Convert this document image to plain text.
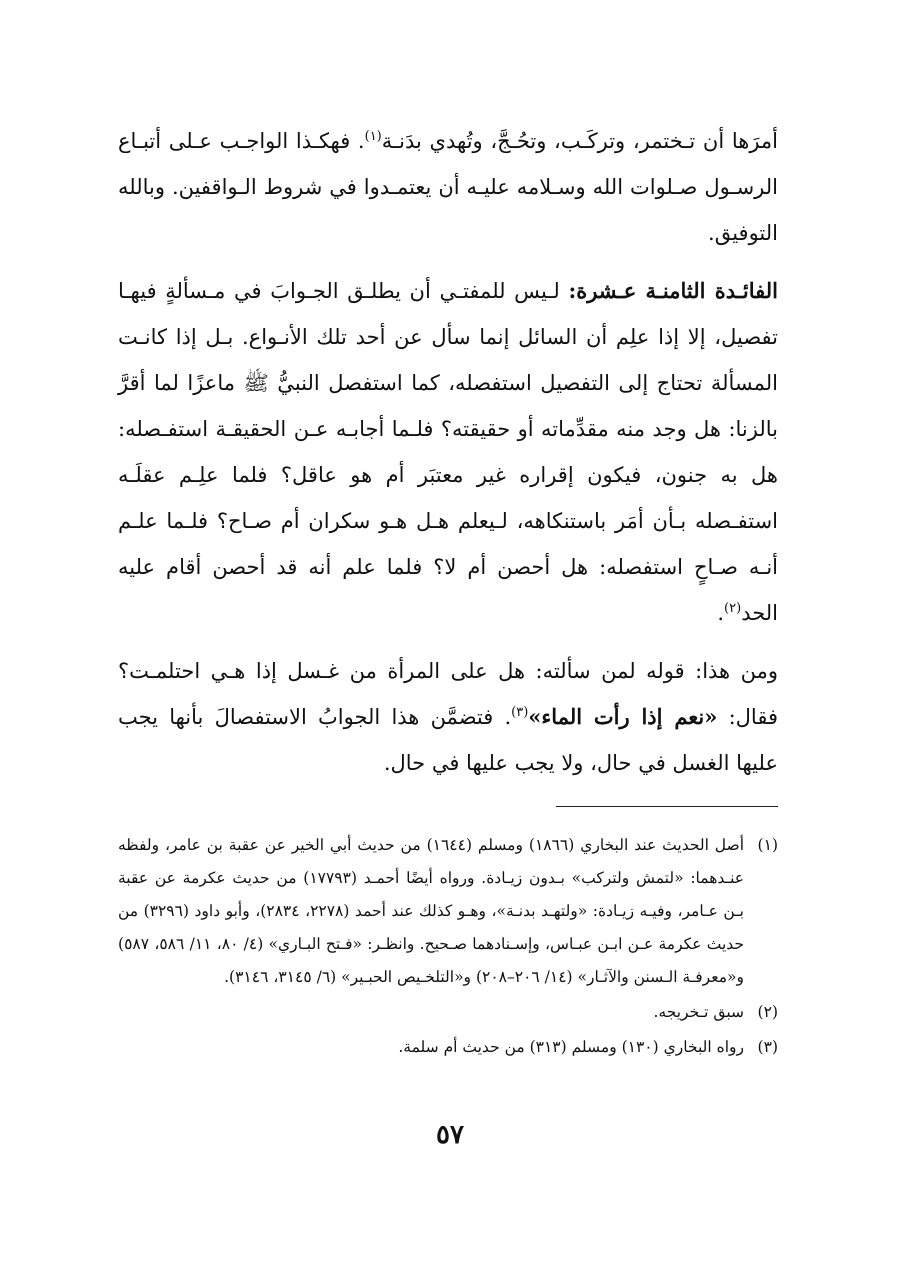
أمرَها أن تـختمر، وتركَـب، وتحُـجَّ، وتُهدي بدَنـة$^{(١)}$. فهكـذا الواجـب عـلى أتبـاع الرسـول صـلوات الله وسـلامه عليـه أن يعتمـدوا في شروط الـواقفين. وبالله التوفيق.

الفائـدة الثامنـة عـشرة: لـيس للمفتـي أن يطلـق الجـوابَ في مـسألةٍ فيهـا تفصيل، إلا إذا علِم أن السائل إنما سأل عن أحد تلك الأنـواع. بـل إذا كانـت المسألة تحتاج إلى التفصيل استفصله، كما استفصل النبيُّ ﷺ ماعزًا لما أقرَّ بالزنا: هل وجد منه مقدِّماته أو حقيقته؟ فلـما أجابـه عـن الحقيقـة استفـصله: هل به جنون، فيكون إقراره غير معتبَر أم هو عاقل؟ فلما علِـم عقلَـه استفـصله بـأن أمَر باستنكاهه، لـيعلم هـل هـو سكران أم صـاح؟ فلـما علـم أنـه صـاحٍ استفصله: هل أحصن أم لا؟ فلما علم أنه قد أحصن أقام عليه الحد$^{(٢)}$.

ومن هذا: قوله لمن سألته: هل على المرأة من غـسل إذا هـي احتلمـت؟ فقال: «نعم إذا رأت الماء»$^{(٣)}$. فتضمَّن هذا الجوابُ الاستفصالَ بأنها يجب عليها الغسل في حال، ولا يجب عليها في حال.

(١)
أصل الحديث عند البخاري (١٨٦٦) ومسلم (١٦٤٤) من حديث أبي الخير عن عقبة بن عامر، ولفظه عنـدهما: «لتمش ولتركب» بـدون زيـادة. ورواه أيضًا أحمـد (١٧٧٩٣) من حديث عكرمة عن عقبة بـن عـامر، وفيـه زيـادة: «ولتهـد بدنـة»، وهـو كذلك عند أحمد (٢٢٧٨، ٢٨٣٤)، وأبو داود (٣٢٩٦) من حديث عكرمة عـن ابـن عبـاس، وإسـنادهما صـحيح. وانظـر: «فـتح البـاري» (٤/ ٨٠، ١١/ ٥٨٦، ٥٨٧) و«معرفـة الـسنن والآثـار» (١٤/ ٢٠٦–٢٠٨) و«التلخـيص الحبـير» (٦/ ٣١٤٥، ٣١٤٦).
(٢)
سبق تـخريجه.
(٣)
رواه البخاري (١٣٠) ومسلم (٣١٣) من حديث أم سلمة.
٥٧
